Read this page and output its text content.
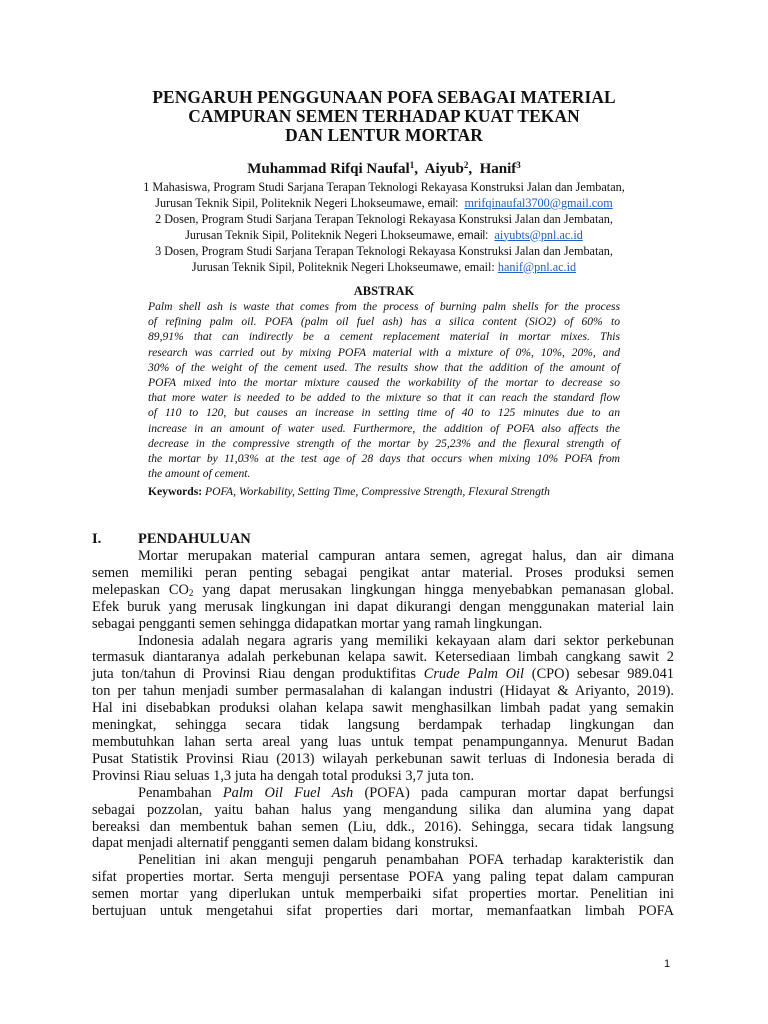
PENGARUH PENGGUNAAN POFA SEBAGAI MATERIAL
CAMPURAN SEMEN TERHADAP KUAT TEKAN
DAN LENTUR MORTAR
Muhammad Rifqi Naufal$^1$, Aiyub$^2$, Hanif$^3$
1 Mahasiswa, Program Studi Sarjana Terapan Teknologi Rekayasa Konstruksi Jalan dan Jembatan,
Jurusan Teknik Sipil, Politeknik Negeri Lhokseumawe, email: mrifqinaufal3700@gmail.com
2 Dosen, Program Studi Sarjana Terapan Teknologi Rekayasa Konstruksi Jalan dan Jembatan,
Jurusan Teknik Sipil, Politeknik Negeri Lhokseumawe, email: aiyubts@pnl.ac.id
3 Dosen, Program Studi Sarjana Terapan Teknologi Rekayasa Konstruksi Jalan dan Jembatan,
Jurusan Teknik Sipil, Politeknik Negeri Lhokseumawe, email: hanif@pnl.ac.id
ABSTRAK
Palm shell ash is waste that comes from the process of burning palm shells for the process
of refining palm oil. POFA (palm oil fuel ash) has a silica content (SiO2) of 60% to
89,91% that can indirectly be a cement replacement material in mortar mixes. This
research was carried out by mixing POFA material with a mixture of 0%, 10%, 20%, and
30% of the weight of the cement used. The results show that the addition of the amount of
POFA mixed into the mortar mixture caused the workability of the mortar to decrease so
that more water is needed to be added to the mixture so that it can reach the standard flow
of 110 to 120, but causes an increase in setting time of 40 to 125 minutes due to an
increase in an amount of water used. Furthermore, the addition of POFA also affects the
decrease in the compressive strength of the mortar by 25,23% and the flexural strength of
the mortar by 11,03% at the test age of 28 days that occurs when mixing 10% POFA from
the amount of cement.
Keywords: POFA, Workability, Setting Time, Compressive Strength, Flexural Strength
I.	PENDAHULUAN
Mortar merupakan material campuran antara semen, agregat halus, dan air dimana
semen memiliki peran penting sebagai pengikat antar material. Proses produksi semen
melepaskan $CO_2$ yang dapat merusakan lingkungan hingga menyebabkan pemanasan global.
Efek buruk yang merusak lingkungan ini dapat dikurangi dengan menggunakan material lain
sebagai pengganti semen sehingga didapatkan mortar yang ramah lingkungan.
Indonesia adalah negara agraris yang memiliki kekayaan alam dari sektor perkebunan
termasuk diantaranya adalah perkebunan kelapa sawit. Ketersediaan limbah cangkang sawit 2
juta ton/tahun di Provinsi Riau dengan produktifitas Crude Palm Oil (CPO) sebesar 989.041
ton per tahun menjadi sumber permasalahan di kalangan industri (Hidayat & Ariyanto, 2019).
Hal ini disebabkan produksi olahan kelapa sawit menghasilkan limbah padat yang semakin
meningkat, sehingga secara tidak langsung berdampak terhadap lingkungan dan
membutuhkan lahan serta areal yang luas untuk tempat penampungannya. Menurut Badan
Pusat Statistik Provinsi Riau (2013) wilayah perkebunan sawit terluas di Indonesia berada di
Provinsi Riau seluas 1,3 juta ha dengah total produksi 3,7 juta ton.
Penambahan Palm Oil Fuel Ash (POFA) pada campuran mortar dapat berfungsi
sebagai pozzolan, yaitu bahan halus yang mengandung silika dan alumina yang dapat
bereaksi dan membentuk bahan semen (Liu, ddk., 2016). Sehingga, secara tidak langsung
dapat menjadi alternatif pengganti semen dalam bidang konstruksi.
Penelitian ini akan menguji pengaruh penambahan POFA terhadap karakteristik dan
sifat properties mortar. Serta menguji persentase POFA yang paling tepat dalam campuran
semen mortar yang diperlukan untuk memperbaiki sifat properties mortar. Penelitian ini
bertujuan untuk mengetahui sifat properties dari mortar, memanfaatkan limbah POFA
1
